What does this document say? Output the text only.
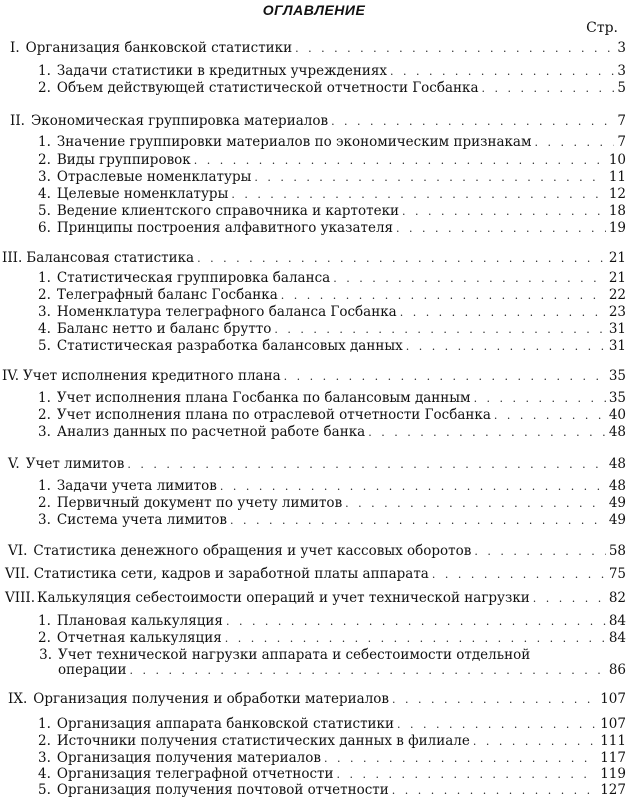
ОГЛАВЛЕНИЕ
Стр.
I. Организация банковской статистики . . .	3
1. Задачи статистики в кредитных учреждениях . . .	3
2. Объем действующей статистической отчетности Госбанка . . .	5
II. Экономическая группировка материалов . . .	7
1. Значение группировки материалов по экономическим признакам . . .	7
2. Виды группировок . . .	10
3. Отраслевые номенклатуры . . .	11
4. Целевые номенклатуры . . .	12
5. Ведение клиентского справочника и картотеки . . .	18
6. Принципы построения алфавитного указателя . . .	19
III. Балансовая статистика . . .	21
1. Статистическая группировка баланса . . .	21
2. Телеграфный баланс Госбанка . . .	22
3. Номенклатура телеграфного баланса Госбанка . . .	23
4. Баланс нетто и баланс брутто . . .	31
5. Статистическая разработка балансовых данных . . .	31
IV. Учет исполнения кредитного плана . . .	35
1. Учет исполнения плана Госбанка по балансовым данным . . .	35
2. Учет исполнения плана по отраслевой отчетности Госбанка . . .	40
3. Анализ данных по расчетной работе банка . . .	48
V. Учет лимитов . . .	48
1. Задачи учета лимитов . . .	48
2. Первичный документ по учету лимитов . . .	49
3. Система учета лимитов . . .	49
VI. Статистика денежного обращения и учет кассовых оборотов . . .	58
VII. Статистика сети, кадров и заработной платы аппарата . . .	75
VIII. Калькуляция себестоимости операций и учет технической нагрузки . . .	82
1. Плановая калькуляция . . .	84
2. Отчетная калькуляция . . .	84
3. Учет технической нагрузки аппарата и себестоимости отдельной
операции . . .	86
IX. Организация получения и обработки материалов . . .	107
1. Организация аппарата банковской статистики . . .	107
2. Источники получения статистических данных в филиале . . .	111
3. Организация получения материалов . . .	117
4. Организация телеграфной отчетности . . .	119
5. Организация получения почтовой отчетности . . .	127
